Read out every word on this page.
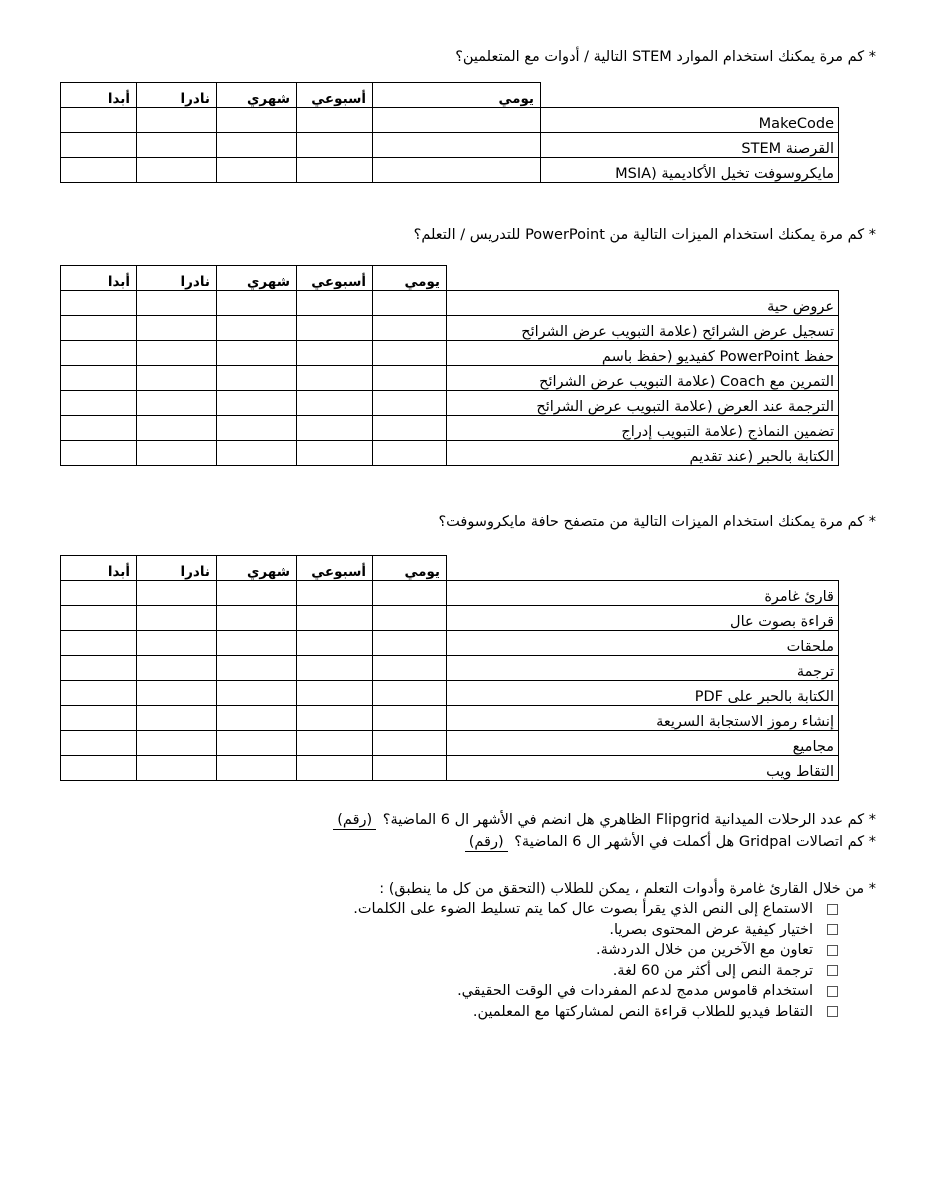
* كم مرة يمكنك استخدام الموارد STEM التالية / أدوات مع المتعلمين؟
أبدا	نادرا	شهري	أسبوعي	يومي	
					MakeCode
					القرصنة STEM
					مايكروسوفت تخيل الأكاديمية (MSIA
* كم مرة يمكنك استخدام الميزات التالية من PowerPoint للتدريس / التعلم؟
أبدا	نادرا	شهري	أسبوعي	يومي	
					عروض حية
					تسجيل عرض الشرائح (علامة التبويب عرض الشرائح
					حفظ PowerPoint كفيديو (حفظ باسم
					التمرين مع Coach (علامة التبويب عرض الشرائح
					الترجمة عند العرض (علامة التبويب عرض الشرائح
					تضمين النماذج (علامة التبويب إدراج
					الكتابة بالحبر (عند تقديم
* كم مرة يمكنك استخدام الميزات التالية من متصفح حافة مايكروسوفت؟
أبدا	نادرا	شهري	أسبوعي	يومي	
					قارئ غامرة
					قراءة بصوت عال
					ملحقات
					ترجمة
					الكتابة بالحبر على PDF
					إنشاء رموز الاستجابة السريعة
					مجاميع
					التقاط ويب
* كم عدد الرحلات الميدانية Flipgrid الظاهري هل انضم في الأشهر ال 6 الماضية؟ (رقم)
* كم اتصالات Gridpal هل أكملت في الأشهر ال 6 الماضية؟ (رقم)
* من خلال القارئ غامرة وأدوات التعلم ، يمكن للطلاب (التحقق من كل ما ينطبق) :
الاستماع إلى النص الذي يقرأ بصوت عال كما يتم تسليط الضوء على الكلمات.
اختيار كيفية عرض المحتوى بصريا.
تعاون مع الآخرين من خلال الدردشة.
ترجمة النص إلى أكثر من 60 لغة.
استخدام قاموس مدمج لدعم المفردات في الوقت الحقيقي.
التقاط فيديو للطلاب قراءة النص لمشاركتها مع المعلمين.
